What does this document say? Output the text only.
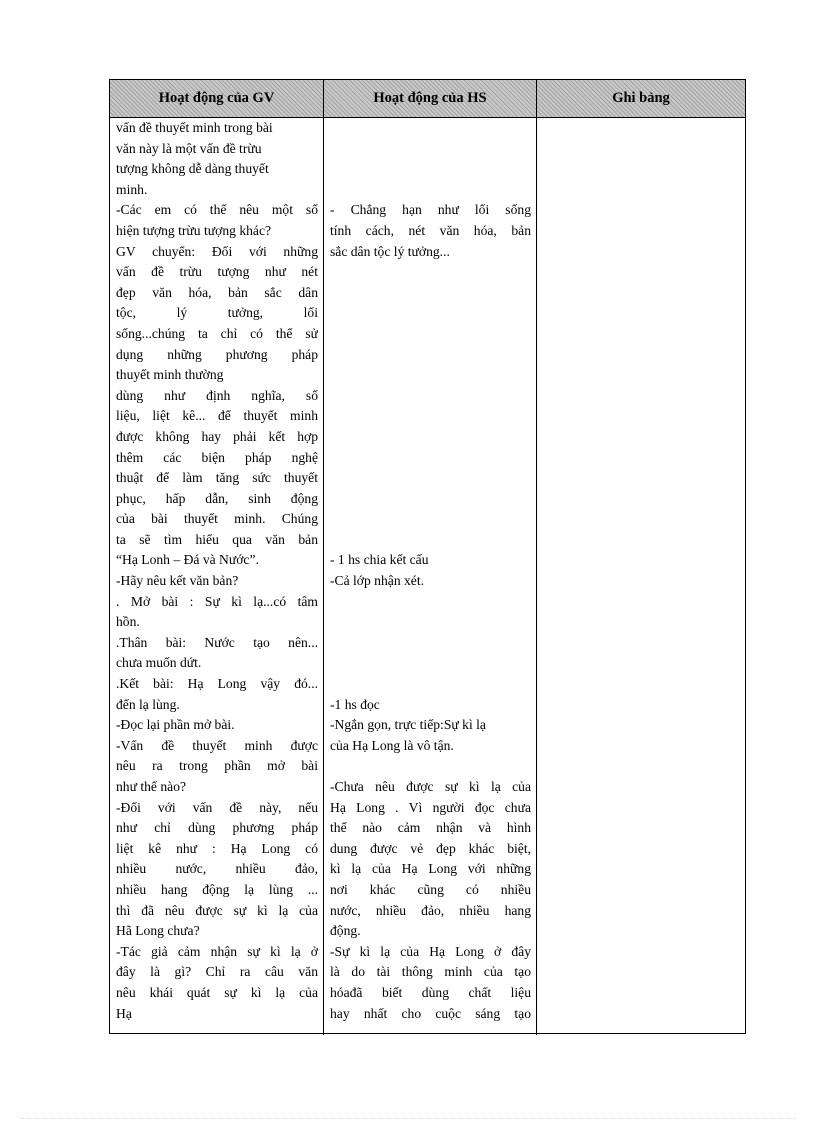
Hoạt động của GV	Hoạt động của HS	Ghi bảng
vấn đề thuyết minh trong bài
văn này là một vấn đề trừu
tượng không dễ dàng thuyết
minh.
-Các em có thể nêu một số
hiện tượng trừu tượng khác?
GV chuyển: Đối với những
vấn đề trừu tượng như nét
đẹp văn hóa, bản sắc dân
tộc, lý tưởng, lối
sống...chúng ta chỉ có thể sử
dụng những phương pháp
thuyết minh thường
dùng như định nghĩa, số
liệu, liệt kê... để thuyết minh
được không hay phải kết hợp
thêm các biện pháp nghệ
thuật để làm tăng sức thuyết
phục, hấp dẫn, sinh động
của bài thuyết minh. Chúng
ta sẽ tìm hiểu qua văn bản
“Hạ Lonh – Đá và Nước”.
-Hãy nêu kết văn bản?
. Mở bài : Sự kì lạ...có tâm
hồn.
.Thân bài: Nước tạo nên...
chưa muốn dứt.
.Kết bài: Hạ Long vậy đó...
đến lạ lùng.
-Đọc lại phần mở bài.
-Vấn đề thuyết minh được
nêu ra trong phần mở bài
như thế nào?
-Đối với vấn đề này, nếu
như chỉ dùng phương pháp
liệt kê như : Hạ Long có
nhiều nước, nhiều đảo,
nhiều hang động lạ lùng ...
thì đã nêu được sự kì lạ của
Hã Long chưa?
-Tác giả cảm nhận sự kì lạ ở
đây là gì? Chỉ ra câu văn
nêu khái quát sự kì lạ của
Hạ
- Chẳng hạn như lối sống
tính cách, nét văn hóa, bản
sắc dân tộc lý tưởng...
- 1 hs chia kết cấu
-Cả lớp nhận xét.
-1 hs đọc
-Ngắn gọn, trực tiếp:Sự kì lạ
của Hạ Long là vô tận.
-Chưa nêu được sự kì lạ của
Hạ Long . Vì người đọc chưa
thể nào cảm nhận và hình
dung được vẻ đẹp khác biệt,
kì lạ của Hạ Long với những
nơi khác cũng có nhiều
nước, nhiều đảo, nhiều hang
động.
-Sự kì lạ của Hạ Long ở đây
là do tài thông minh của tạo
hóađã biết dùng chất liệu
hay nhất cho cuộc sáng tạo
